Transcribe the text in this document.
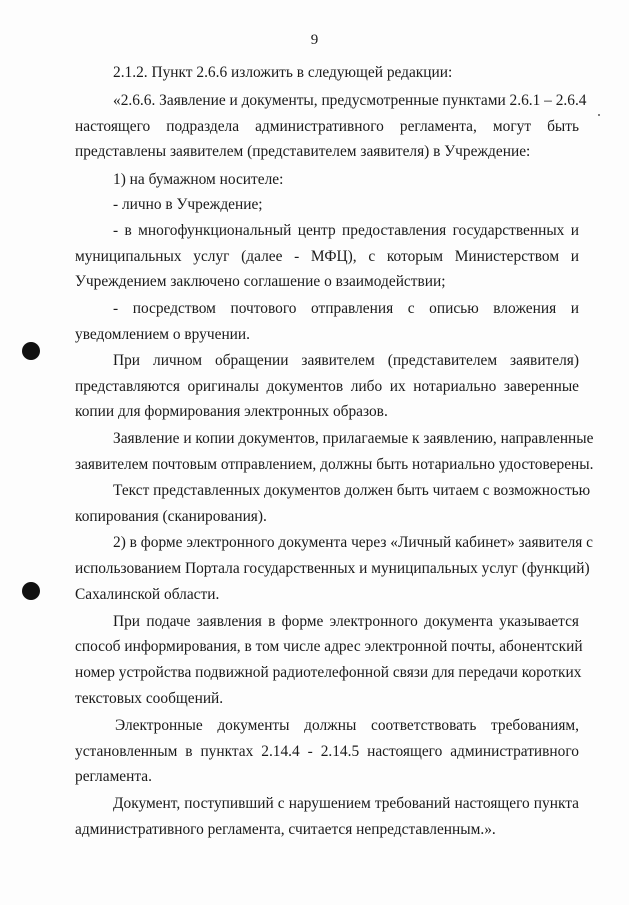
9
2.1.2. Пункт 2.6.6 изложить в следующей редакции:
«2.6.6. Заявление и документы, предусмотренные пунктами 2.6.1 – 2.6.4
настоящего подраздела административного регламента, могут быть
представлены заявителем (представителем заявителя) в Учреждение:
1) на бумажном носителе:
- лично в Учреждение;
- в многофункциональный центр предоставления государственных и
муниципальных услуг (далее - МФЦ), с которым Министерством и
Учреждением заключено соглашение о взаимодействии;
- посредством почтового отправления с описью вложения и
уведомлением о вручении.
При личном обращении заявителем (представителем заявителя)
представляются оригиналы документов либо их нотариально заверенные
копии для формирования электронных образов.
Заявление и копии документов, прилагаемые к заявлению, направленные
заявителем почтовым отправлением, должны быть нотариально удостоверены.
Текст представленных документов должен быть читаем с возможностью
копирования (сканирования).
2) в форме электронного документа через «Личный кабинет» заявителя с
использованием Портала государственных и муниципальных услуг (функций)
Сахалинской области.
При подаче заявления в форме электронного документа указывается
способ информирования, в том числе адрес электронной почты, абонентский
номер устройства подвижной радиотелефонной связи для передачи коротких
текстовых сообщений.
Электронные документы должны соответствовать требованиям,
установленным в пунктах 2.14.4 - 2.14.5 настоящего административного
регламента.
Документ, поступивший с нарушением требований настоящего пункта
административного регламента, считается непредставленным.».
